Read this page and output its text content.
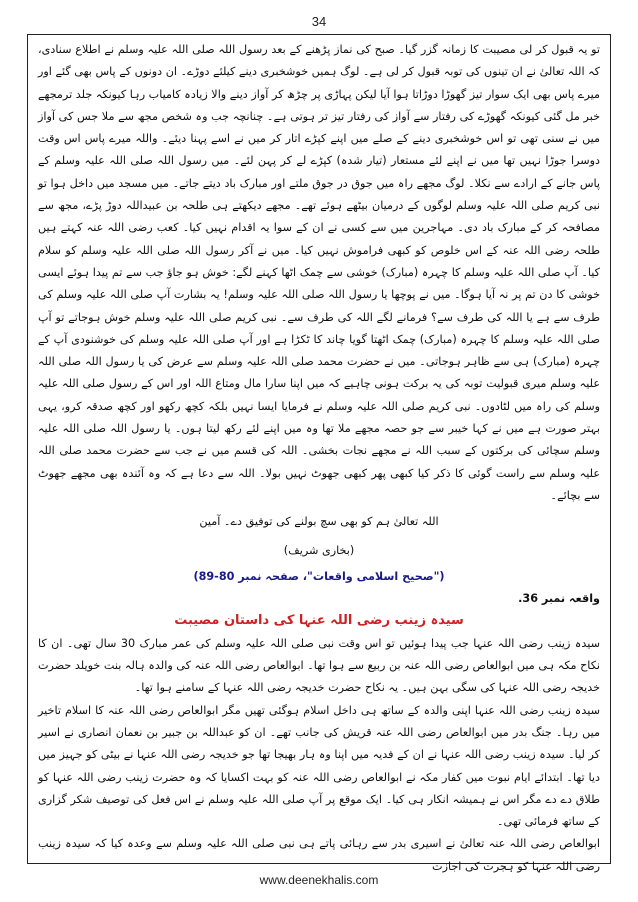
34

تو یہ قبول کر لی مصیبت کا زمانہ گزر گیا۔ صبح کی نماز پڑھنے کے بعد رسول اللہ صلی اللہ علیہ وسلم نے اطلاع سنادی، کہ اللہ تعالیٰ نے ان تینوں کی توبہ قبول کر لی ہے۔ لوگ ہمیں خوشخبری دینے کیلئے دوڑے۔ ان دونوں کے پاس بھی گئے اور میرے پاس بھی ایک سوار تیز گھوڑا دوڑاتا ہوا آیا لیکن پہاڑی پر چڑھ کر آواز دینے والا زیادہ کامیاب رہا کیونکہ جلد ترمجھے خبر مل گئی کیونکہ گھوڑے کی رفتار سے آواز کی رفتار تیز تر ہوتی ہے۔ چنانچہ جب وہ شخص مجھ سے ملا جس کی آواز میں نے سنی تھی تو اس خوشخبری دینے کے صلے میں اپنے کپڑے اتار کر میں نے اسے پہنا دیئے۔ واللہ میرے پاس اس وقت دوسرا جوڑا نہیں تھا میں نے اپنے لئے مستعار (تیار شدہ) کپڑے لے کر پہن لئے۔ میں رسول اللہ صلی اللہ علیہ وسلم کے پاس جانے کے ارادے سے نکلا۔ لوگ مجھے راہ میں جوق در جوق ملتے اور مبارک باد دیتے جاتے۔ میں مسجد میں داخل ہوا تو نبی کریم صلی اللہ علیہ وسلم لوگوں کے درمیان بیٹھے ہوئے تھے۔ مجھے دیکھتے ہی طلحہ بن عبیداللہ دوڑ پڑے، مجھ سے مصافحہ کر کے مبارک باد دی۔ مہاجرین میں سے کسی نے ان کے سوا یہ اقدام نہیں کیا۔ کعب رضی اللہ عنہ کہتے ہیں طلحہ رضی اللہ عنہ کے اس خلوص کو کبھی فراموش نہیں کیا۔ میں نے آکر رسول اللہ صلی اللہ علیہ وسلم کو سلام کیا۔ آپ صلی اللہ علیہ وسلم کا چہرہ (مبارک) خوشی سے چمک اٹھا کہنے لگے: خوش ہو جاؤ جب سے تم پیدا ہوئے ایسی خوشی کا دن تم پر نہ آیا ہوگا۔ میں نے پوچھا یا رسول اللہ صلی اللہ علیہ وسلم! یہ بشارت آپ صلی اللہ علیہ وسلم کی طرف سے ہے یا اللہ کی طرف سے؟ فرمانے لگے اللہ کی طرف سے۔ نبی کریم صلی اللہ علیہ وسلم خوش ہوجاتے تو آپ صلی اللہ علیہ وسلم کا چہرہ (مبارک) چمک اٹھتا گویا چاند کا ٹکڑا ہے اور آپ صلی اللہ علیہ وسلم کی خوشنودی آپ کے چہرہ (مبارک) ہی سے ظاہر ہوجاتی۔ میں نے حضرت محمد صلی اللہ علیہ وسلم سے عرض کی یا رسول اللہ صلی اللہ علیہ وسلم میری قبولیت توبہ کی یہ برکت ہونی چاہیے کہ میں اپنا سارا مال ومتاع اللہ اور اس کے رسول صلی اللہ علیہ وسلم کی راہ میں لٹادوں۔ نبی کریم صلی اللہ علیہ وسلم نے فرمایا ایسا نہیں بلکہ کچھ رکھو اور کچھ صدقہ کرو، یہی بہتر صورت ہے میں نے کہا خیبر سے جو حصہ مجھے ملا تھا وہ میں اپنے لئے رکھ لیتا ہوں۔ یا رسول اللہ صلی اللہ علیہ وسلم سچائی کی برکتوں کے سبب اللہ نے مجھے نجات بخشی۔ اللہ کی قسم میں نے جب سے حضرت محمد صلی اللہ علیہ وسلم سے راست گوئی کا ذکر کیا کبھی پھر کبھی جھوٹ نہیں بولا۔ اللہ سے دعا ہے کہ وہ آئندہ بھی مجھے جھوٹ سے بچائے۔

اللہ تعالیٰ ہم کو بھی سچ بولنے کی توفیق دے۔ آمین

(بخاری شریف)

("صحیح اسلامی واقعات"، صفحہ نمبر 80-89)

واقعہ نمبر 36.

سیدہ زینب رضی اللہ عنہا کی داستان مصیبت

سیدہ زینب رضی اللہ عنہا جب پیدا ہوئیں تو اس وقت نبی صلی اللہ علیہ وسلم کی عمر مبارک 30 سال تھی۔ ان کا نکاح مکہ ہی میں ابوالعاص رضی اللہ عنہ بن ربیع سے ہوا تھا۔ ابوالعاص رضی اللہ عنہ کی والدہ ہالہ بنت خویلد حضرت خدیجہ رضی اللہ عنہا کی سگی بہن ہیں۔ یہ نکاح حضرت خدیجہ رضی اللہ عنہا کے سامنے ہوا تھا۔

سیدہ زینب رضی اللہ عنہا اپنی والدہ کے ساتھ ہی داخل اسلام ہوگئی تھیں مگر ابوالعاص رضی اللہ عنہ کا اسلام تاخیر میں رہا۔ جنگ بدر میں ابوالعاص رضی اللہ عنہ قریش کی جانب تھے۔ ان کو عبداللہ بن جبیر بن نعمان انصاری نے اسیر کر لیا۔ سیدہ زینب رضی اللہ عنہا نے ان کے فدیہ میں اپنا وہ ہار بھیجا تھا جو خدیجہ رضی اللہ عنہا نے بیٹی کو جہیز میں دیا تھا۔ ابتدائے ایام نبوت میں کفار مکہ نے ابوالعاص رضی اللہ عنہ کو بہت اکسایا کہ وہ حضرت زینب رضی اللہ عنہا کو طلاق دے دے مگر اس نے ہمیشہ انکار ہی کیا۔ ایک موقع پر آپ صلی اللہ علیہ وسلم نے اس فعل کی توصیف شکر گزاری کے ساتھ فرمائی تھی۔

ابوالعاص رضی اللہ عنہ تعالیٰ نے اسیری بدر سے رہائی پاتے ہی نبی صلی اللہ علیہ وسلم سے وعدہ کیا کہ سیدہ زینب رضی اللہ عنہا کو ہجرت کی اجازت

www.deenekhalis.com
